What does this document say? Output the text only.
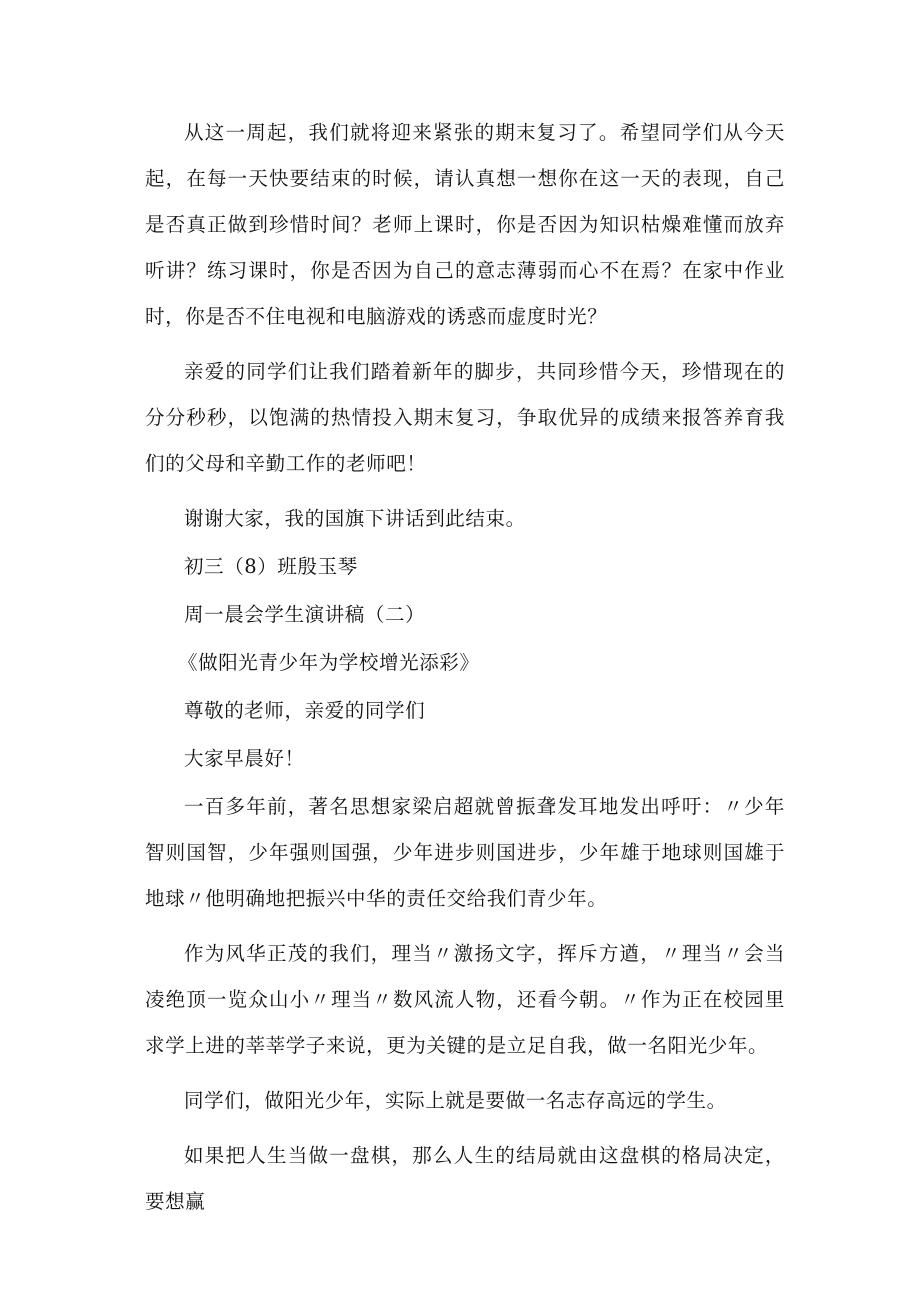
从这一周起，我们就将迎来紧张的期末复习了。希望同学们从今天起，在每一天快要结束的时候，请认真想一想你在这一天的表现，自己是否真正做到珍惜时间？老师上课时，你是否因为知识枯燥难懂而放弃听讲？练习课时，你是否因为自己的意志薄弱而心不在焉？在家中作业时，你是否不住电视和电脑游戏的诱惑而虚度时光？

亲爱的同学们让我们踏着新年的脚步，共同珍惜今天，珍惜现在的分分秒秒，以饱满的热情投入期末复习，争取优异的成绩来报答养育我们的父母和辛勤工作的老师吧！

谢谢大家，我的国旗下讲话到此结束。

初三（8）班殷玉琴

周一晨会学生演讲稿（二）

《做阳光青少年为学校增光添彩》

尊敬的老师，亲爱的同学们

大家早晨好！

一百多年前，著名思想家梁启超就曾振聋发耳地发出呼吁：〃少年智则国智，少年强则国强，少年进步则国进步，少年雄于地球则国雄于地球〃他明确地把振兴中华的责任交给我们青少年。

作为风华正茂的我们，理当〃激扬文字，挥斥方遒，〃理当〃会当凌绝顶一览众山小〃理当〃数风流人物，还看今朝。〃作为正在校园里求学上进的莘莘学子来说，更为关键的是立足自我，做一名阳光少年。

同学们，做阳光少年，实际上就是要做一名志存高远的学生。

如果把人生当做一盘棋，那么人生的结局就由这盘棋的格局决定，要想赢
